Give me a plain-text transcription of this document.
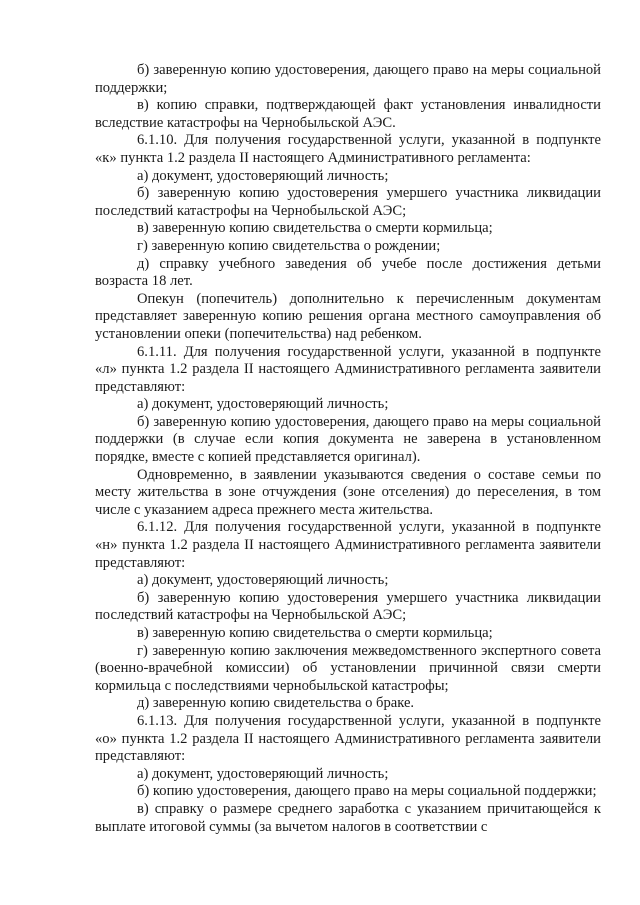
б) заверенную копию удостоверения, дающего право на меры социальной поддержки;

в) копию справки, подтверждающей факт установления инвалидности вследствие катастрофы на Чернобыльской АЭС.

6.1.10. Для получения государственной услуги, указанной в подпункте «к» пункта 1.2 раздела II настоящего Административного регламента:

а) документ, удостоверяющий личность;

б) заверенную копию удостоверения умершего участника ликвидации последствий катастрофы на Чернобыльской АЭС;

в) заверенную копию свидетельства о смерти кормильца;

г) заверенную копию свидетельства о рождении;

д) справку учебного заведения об учебе после достижения детьми возраста 18 лет.

Опекун (попечитель) дополнительно к перечисленным документам представляет заверенную копию решения органа местного самоуправления об установлении опеки (попечительства) над ребенком.

6.1.11. Для получения государственной услуги, указанной в подпункте «л» пункта 1.2 раздела II настоящего Административного регламента заявители представляют:

а) документ, удостоверяющий личность;

б) заверенную копию удостоверения, дающего право на меры социальной поддержки (в случае если копия документа не заверена в установленном порядке, вместе с копией представляется оригинал).

Одновременно, в заявлении указываются сведения о составе семьи по месту жительства в зоне отчуждения (зоне отселения) до переселения, в том числе с указанием адреса прежнего места жительства.

6.1.12. Для получения государственной услуги, указанной в подпункте «н» пункта 1.2 раздела II настоящего Административного регламента заявители представляют:

а) документ, удостоверяющий личность;

б) заверенную копию удостоверения умершего участника ликвидации последствий катастрофы на Чернобыльской АЭС;

в) заверенную копию свидетельства о смерти кормильца;

г) заверенную копию заключения межведомственного экспертного совета (военно-врачебной комиссии) об установлении причинной связи смерти кормильца с последствиями чернобыльской катастрофы;

д) заверенную копию свидетельства о браке.

6.1.13. Для получения государственной услуги, указанной в подпункте «о» пункта 1.2 раздела II настоящего Административного регламента заявители представляют:

а) документ, удостоверяющий личность;

б) копию удостоверения, дающего право на меры социальной поддержки;

в) справку о размере среднего заработка с указанием причитающейся к выплате итоговой суммы (за вычетом налогов в соответствии с
